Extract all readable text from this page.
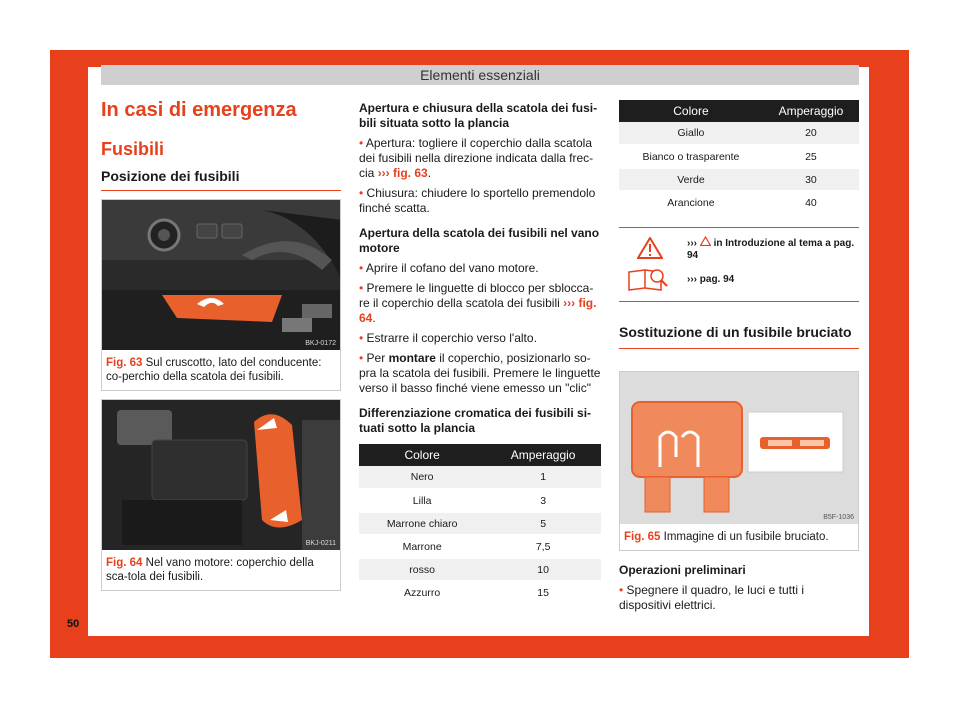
Elementi essenziali
50
In casi di emergenza
Fusibili
Posizione dei fusibili
BKJ-0172
Fig. 63 Sul cruscotto, lato del conducente: co-perchio della scatola dei fusibili.
BKJ-0211
Fig. 64 Nel vano motore: coperchio della sca-tola dei fusibili.
Apertura e chiusura della scatola dei fusi-bili situata sotto la plancia

• Apertura: togliere il coperchio dalla scatola dei fusibili nella direzione indicata dalla frec-cia ››› fig. 63.

• Chiusura: chiudere lo sportello premendolo finché scatta.

Apertura della scatola dei fusibili nel vano motore

• Aprire il cofano del vano motore.

• Premere le linguette di blocco per sblocca-re il coperchio della scatola dei fusibili ››› fig. 64.

• Estrarre il coperchio verso l'alto.

• Per montare il coperchio, posizionarlo so-pra la scatola dei fusibili. Premere le linguette verso il basso finché viene emesso un "clic"

Differenziazione cromatica dei fusibili si-tuati sotto la plancia
Colore	Amperaggio
Nero	1
Lilla	3
Marrone chiaro	5
Marrone	7,5
rosso	10
Azzurro	15
Colore	Amperaggio
Giallo	20
Bianco o trasparente	25
Verde	30
Arancione	40
››› in Introduzione al tema a pag. 94
››› pag. 94
Sostituzione di un fusibile bruciato
B5F-1036
Fig. 65 Immagine di un fusibile bruciato.
Operazioni preliminari

• Spegnere il quadro, le luci e tutti i dispositivi elettrici.
